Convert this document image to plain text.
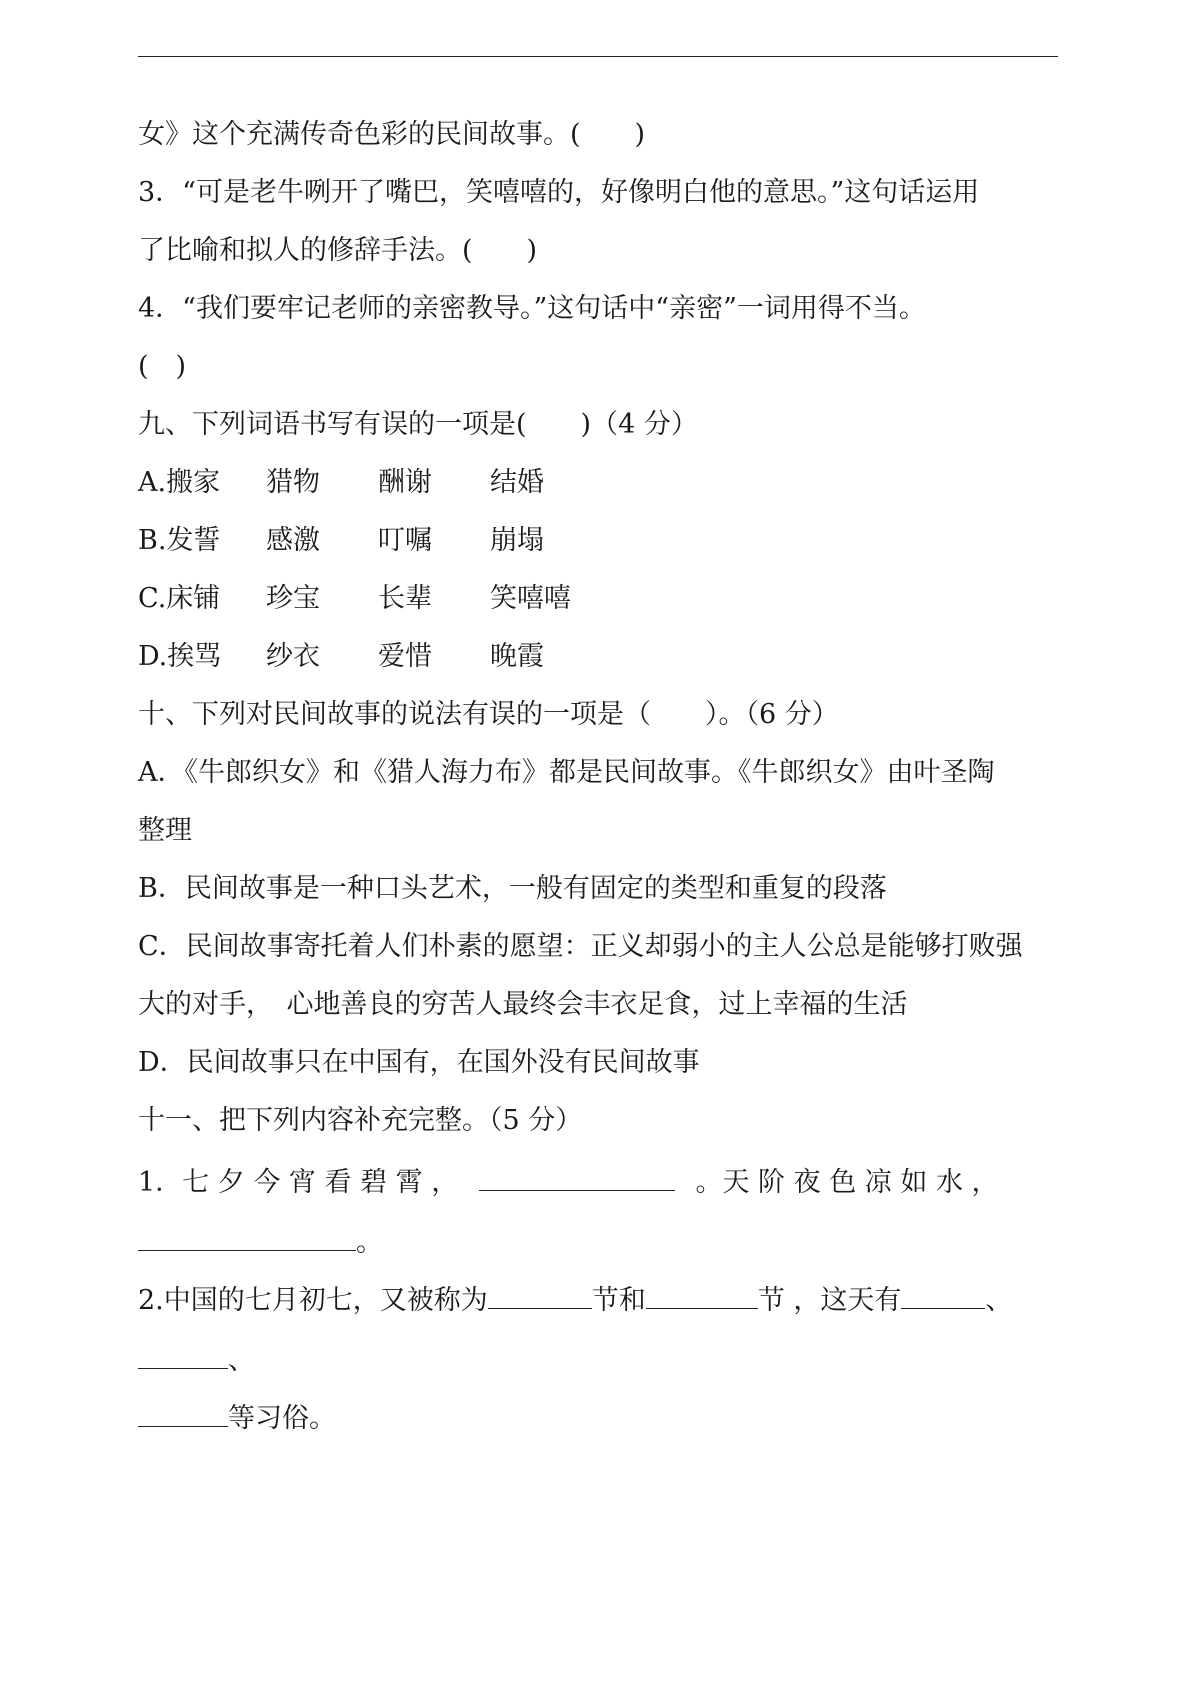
女》这个充满传奇色彩的民间故事。(　　)
3．“可是老牛咧开了嘴巴，笑嘻嘻的，好像明白他的意思。”这句话运用
了比喻和拟人的修辞手法。(　　)
4．“我们要牢记老师的亲密教导。”这句话中“亲密”一词用得不当。
(　)
九、下列词语书写有误的一项是(　　)（4 分）
A.搬家	猎物	酬谢	结婚
B.发誓	感激	叮嘱	崩塌
C.床铺	珍宝	长辈	笑嘻嘻
D.挨骂	纱衣	爱惜	晚霞
十、下列对民间故事的说法有误的一项是（　　）。（6 分）
A．《牛郎织女》和《猎人海力布》都是民间故事。《牛郎织女》由叶圣陶
整理
B．民间故事是一种口头艺术，一般有固定的类型和重复的段落
C．民间故事寄托着人们朴素的愿望：正义却弱小的主人公总是能够打败强
大的对手，　心地善良的穷苦人最终会丰衣足食，过上幸福的生活
D．民间故事只在中国有，在国外没有民间故事
十一、把下列内容补充完整。（5 分）
1．七 夕 今 宵 看 碧 霄 ，	。天 阶 夜 色 凉 如 水 ，
。
2.中国的七月初七，又被称为	节和	节 ，这天有	、
、
等习俗。
